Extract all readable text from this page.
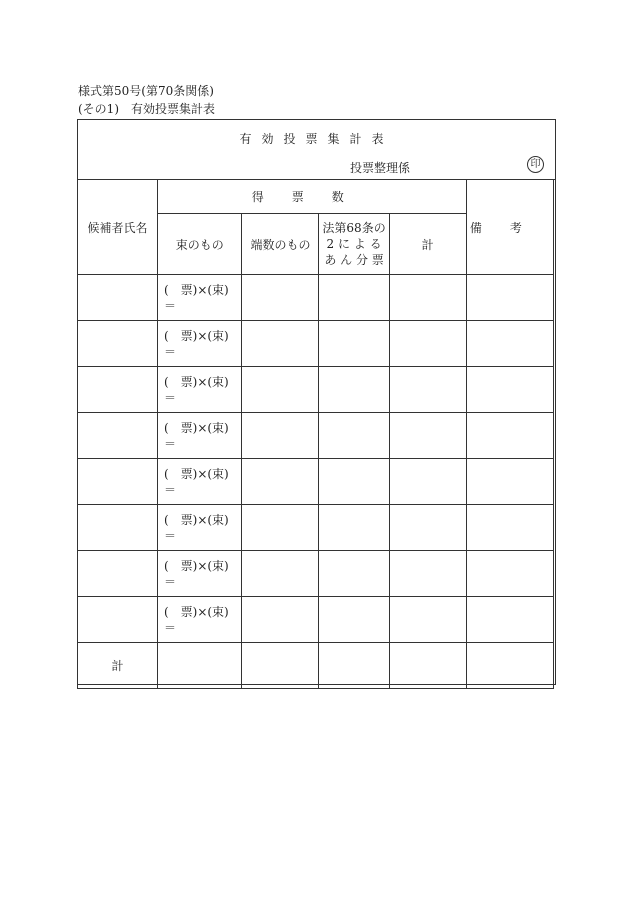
様式第50号(第70条関係)
(その1)　有効投票集計表
有効投票集計表
投票整理係	印
候補者氏名	得票数				備考
	束のもの	端数のもの	法第68条の
2 に よ る
あ ん 分 票	計	
	(　票)×(束)
＝				
	(　票)×(束)
＝				
	(　票)×(束)
＝				
	(　票)×(束)
＝				
	(　票)×(束)
＝				
	(　票)×(束)
＝				
	(　票)×(束)
＝				
	(　票)×(束)
＝				
計					
